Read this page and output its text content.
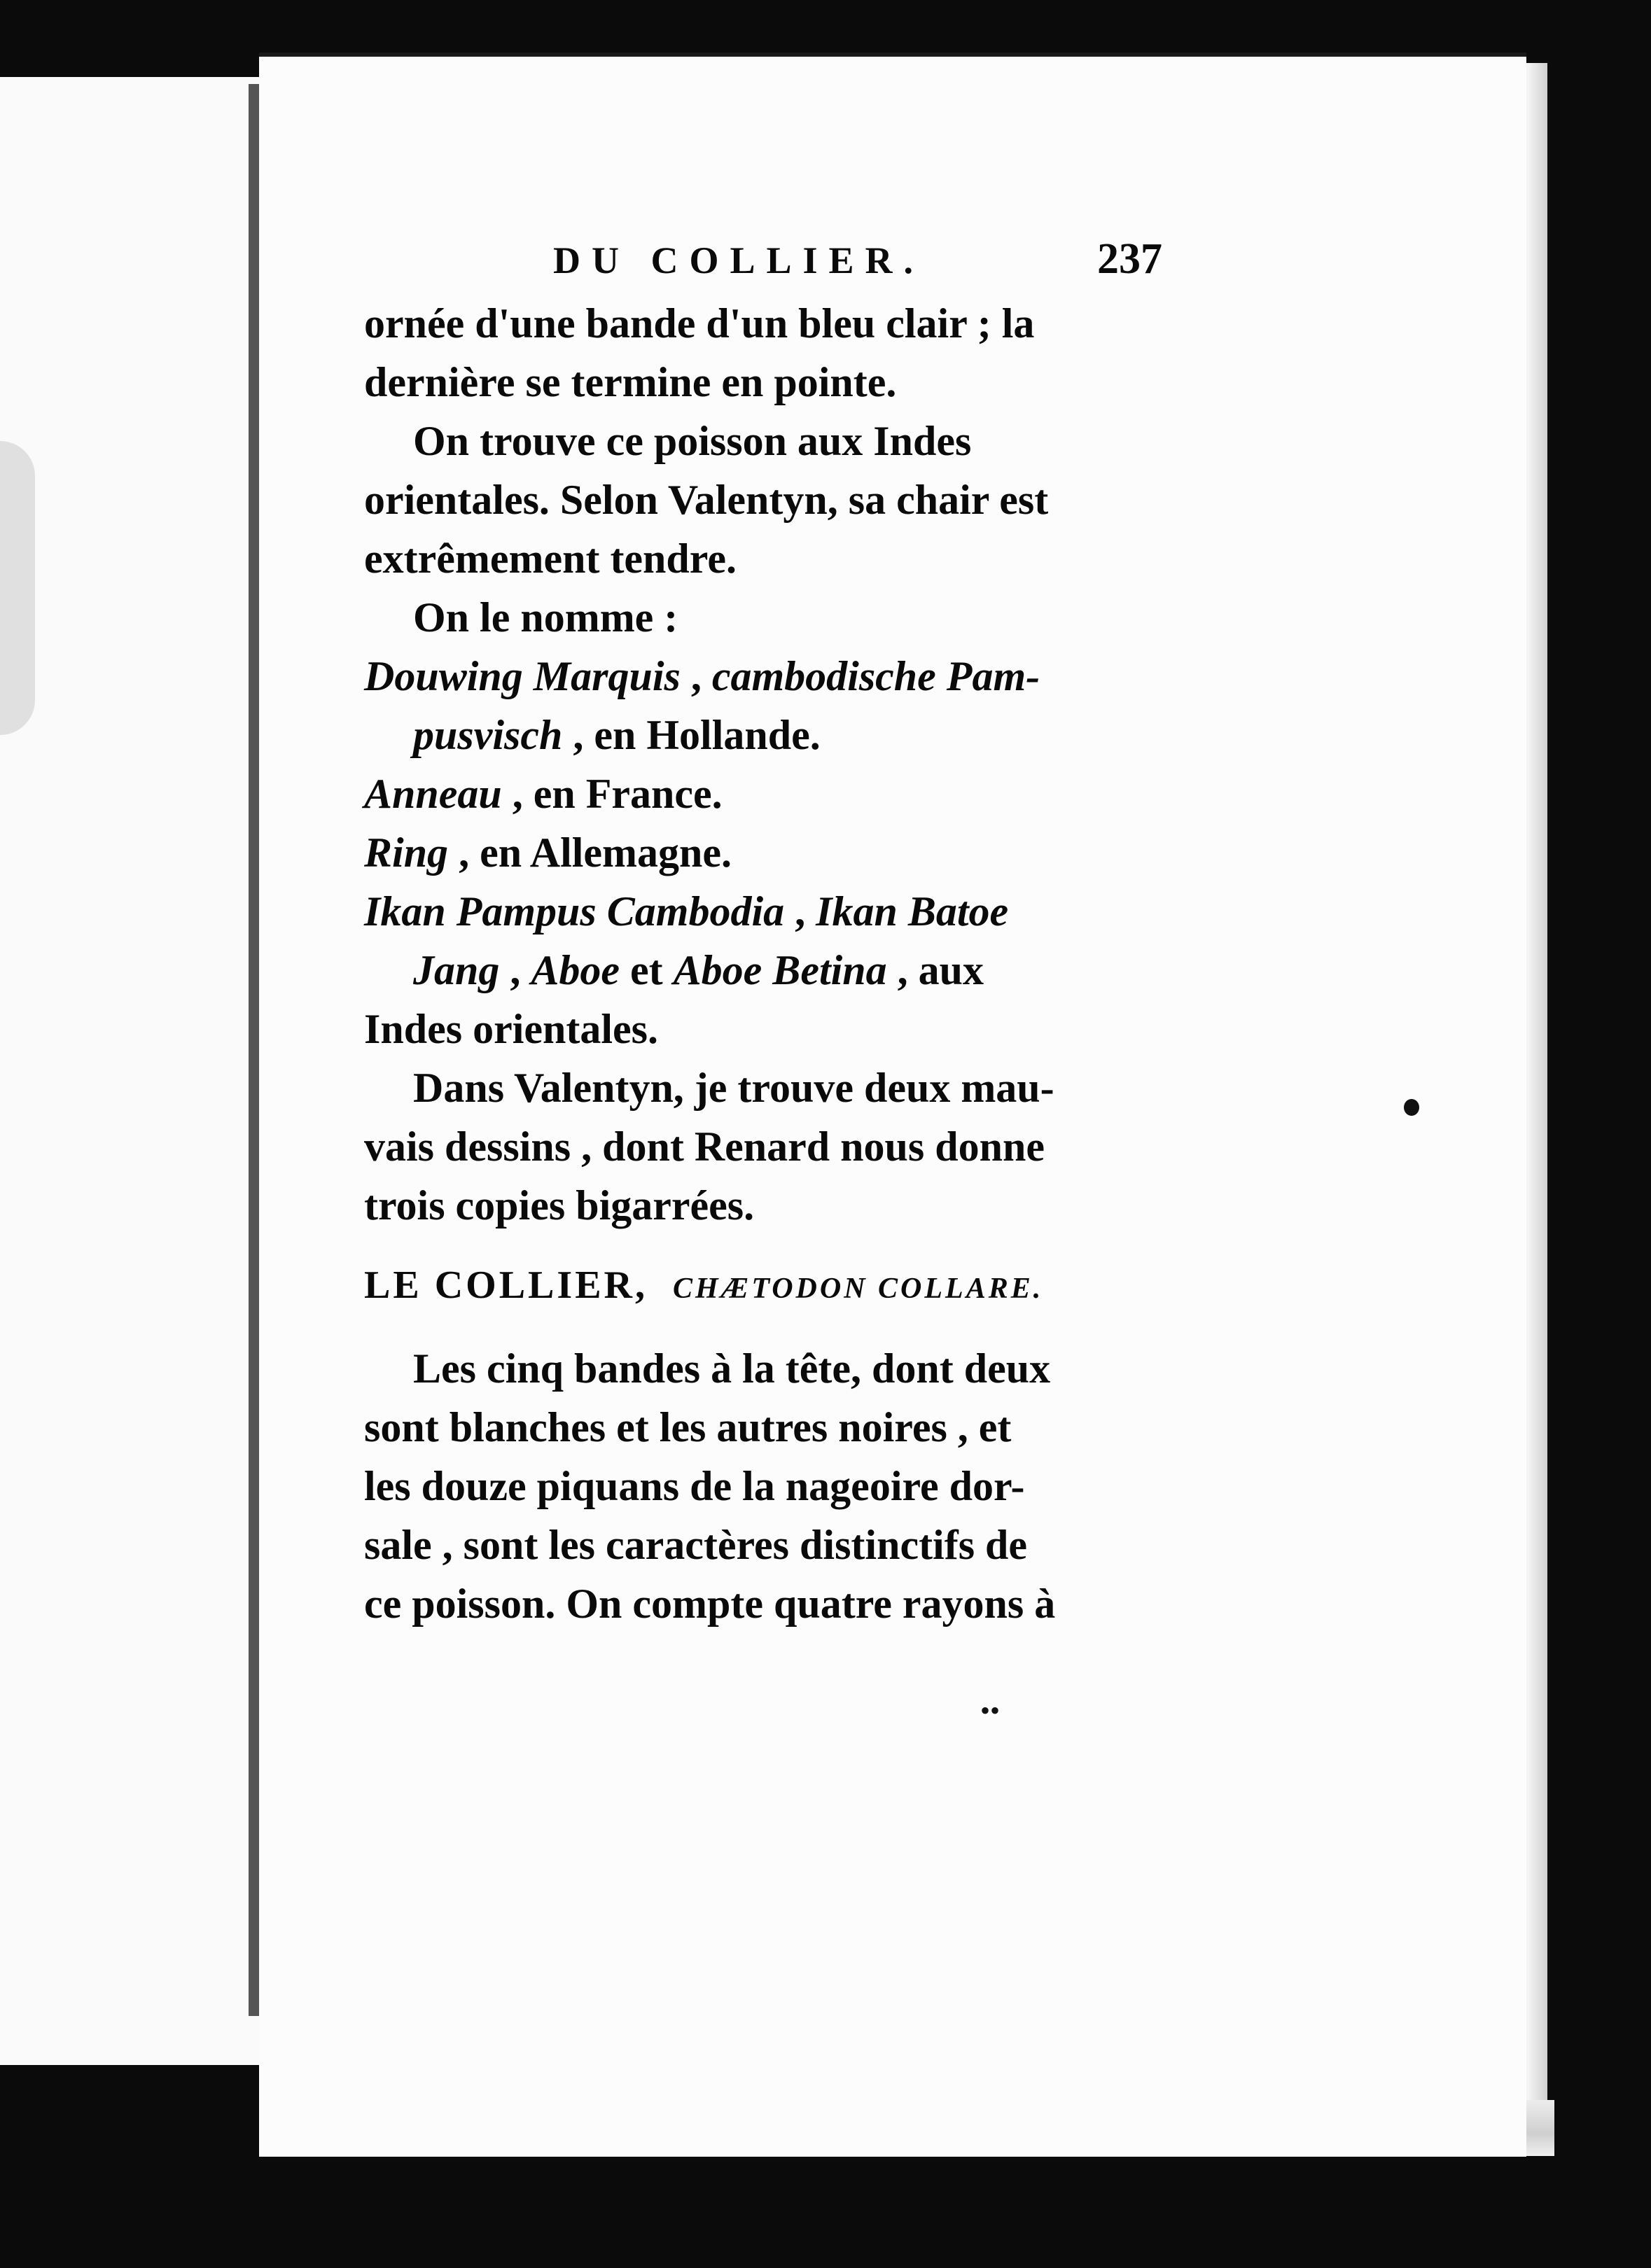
DU COLLIER.	237
ornée d'une bande d'un bleu clair ; la
dernière se termine en pointe.
On trouve ce poisson aux Indes
orientales. Selon Valentyn, sa chair est
extrêmement tendre.
On le nomme :
Douwing Marquis , cambodische Pam-
pusvisch , en Hollande.
Anneau , en France.
Ring , en Allemagne.
Ikan Pampus Cambodia , Ikan Batoe
Jang , Aboe et Aboe Betina , aux
Indes orientales.
Dans Valentyn, je trouve deux mau-
vais dessins , dont Renard nous donne
trois copies bigarrées.
LE COLLIER,  CHÆTODON COLLARE.
Les cinq bandes à la tête, dont deux
sont blanches et les autres noires , et
les douze piquans de la nageoire dor-
sale , sont les caractères distinctifs de
ce poisson. On compte quatre rayons à
••
